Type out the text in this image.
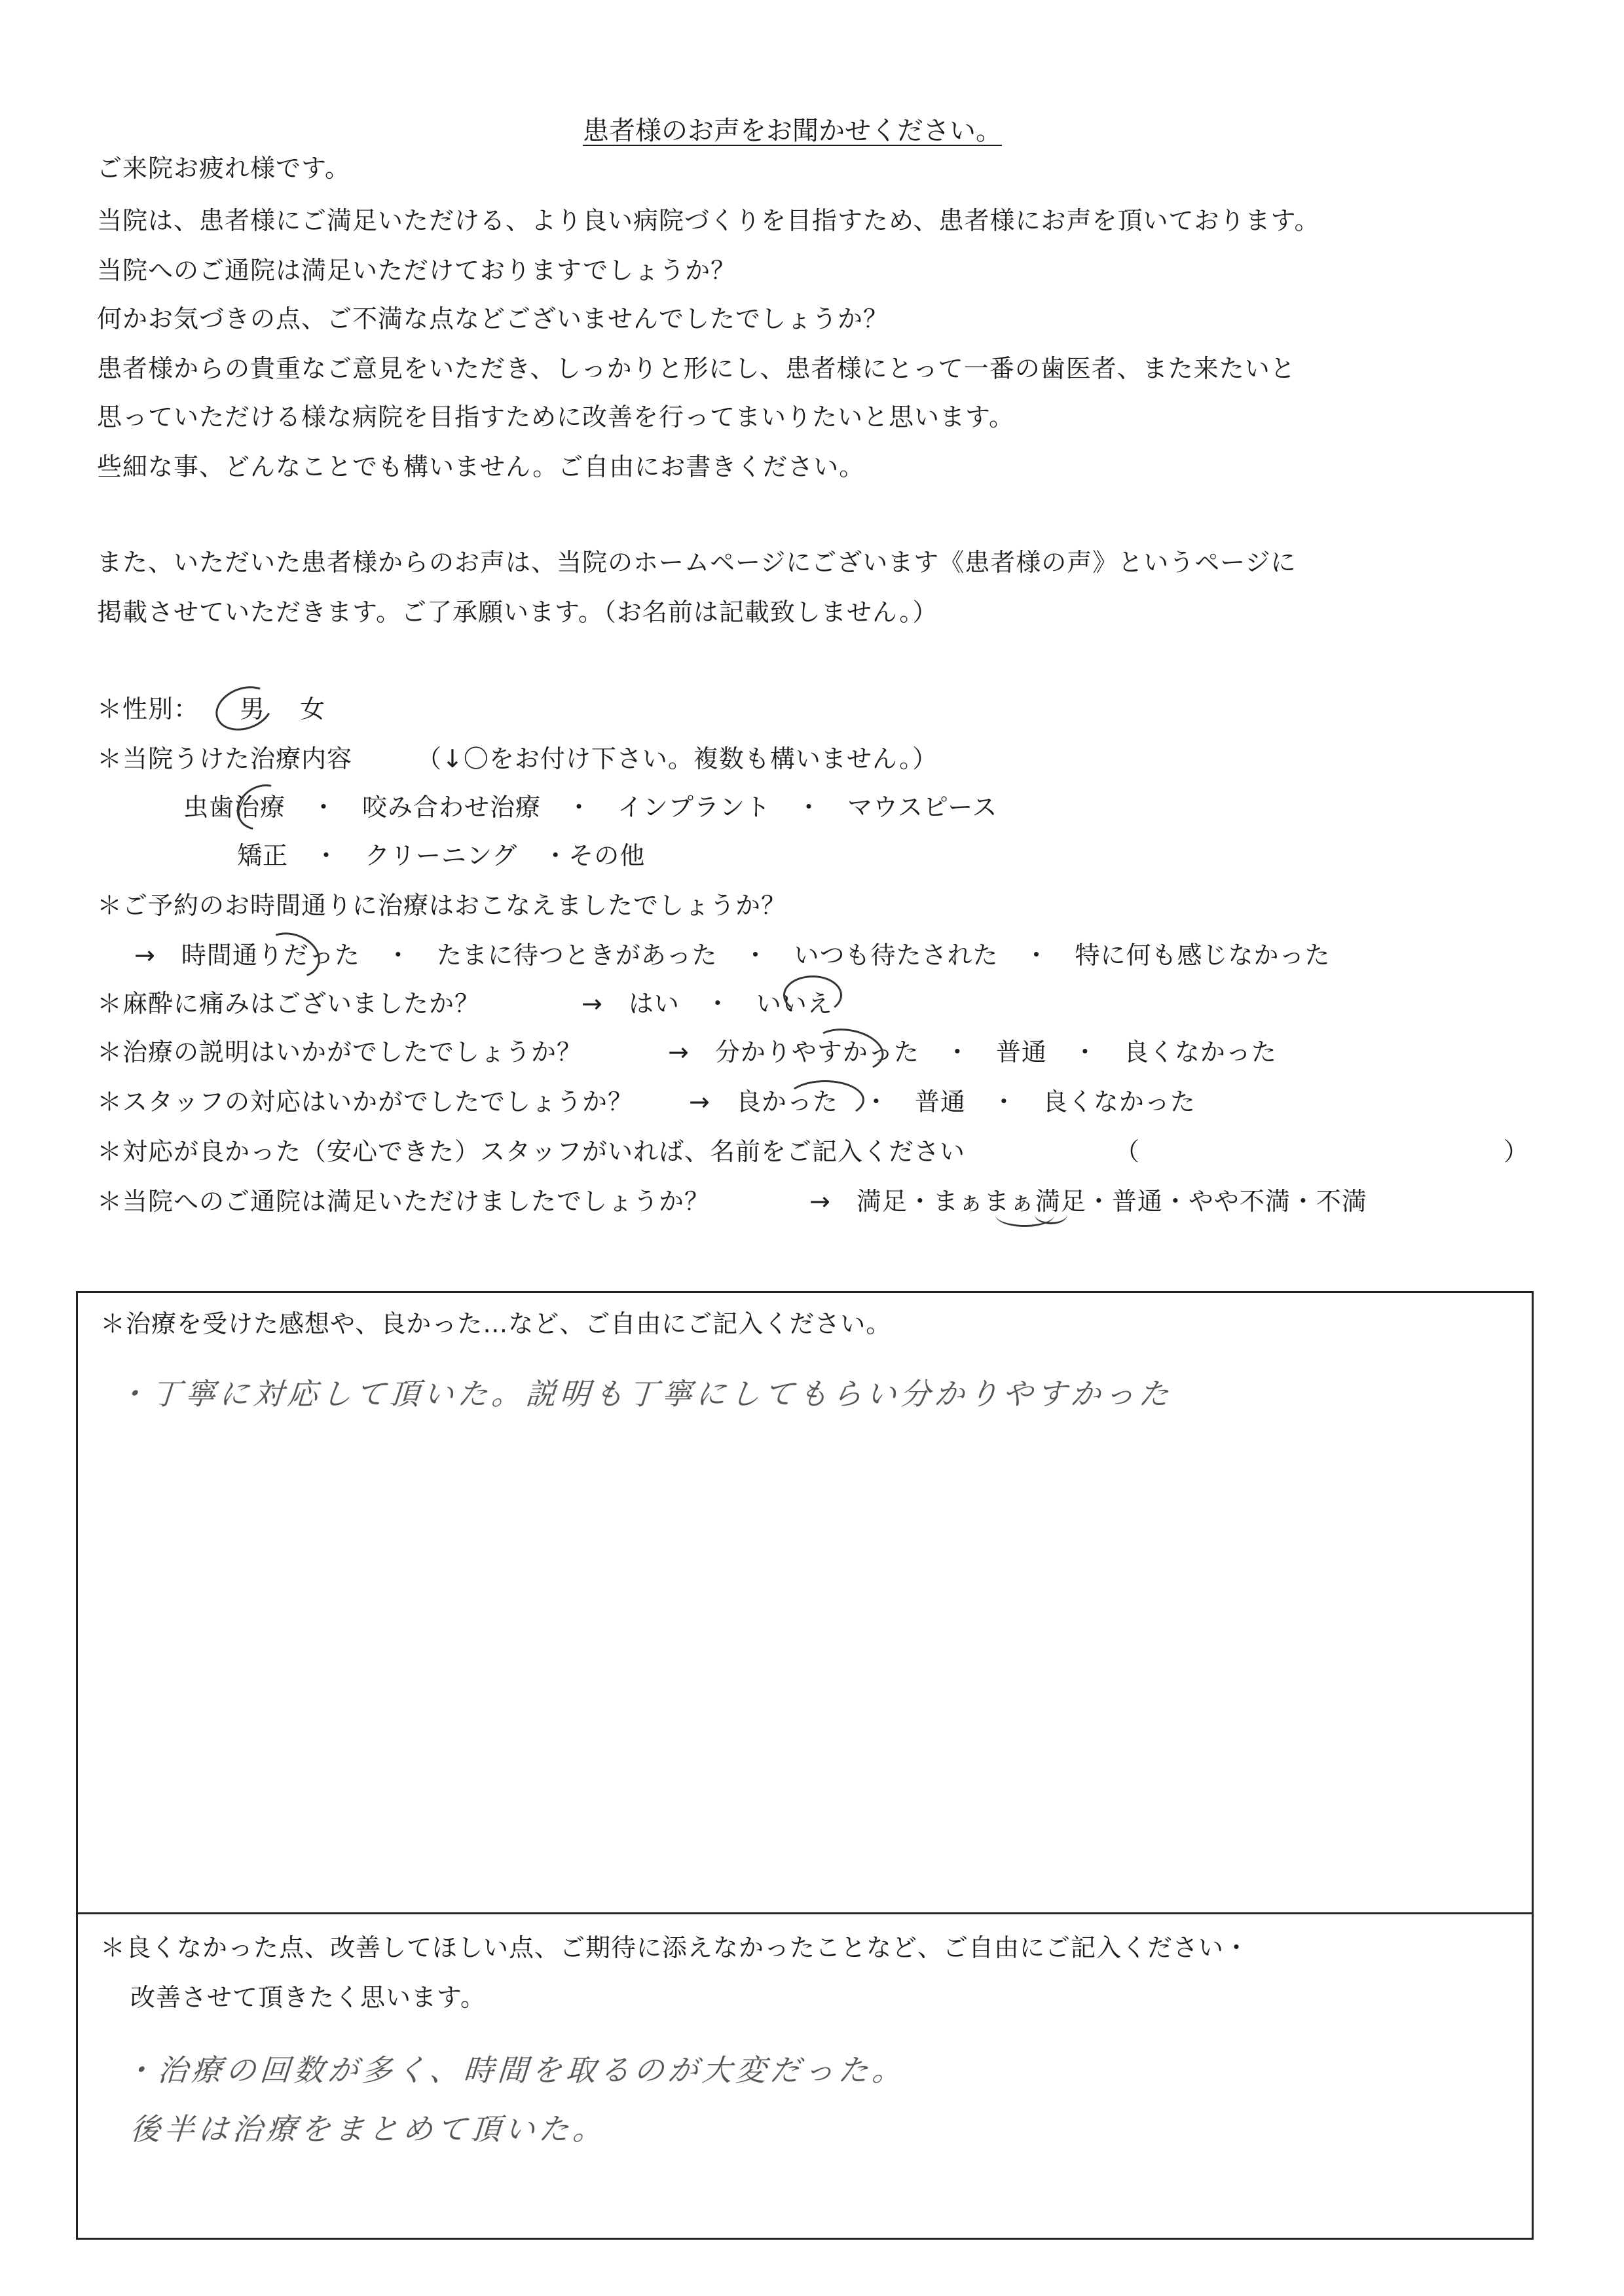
患者様のお声をお聞かせください。
ご来院お疲れ様です。
当院は、患者様にご満足いただける、より良い病院づくりを目指すため、患者様にお声を頂いております。
当院へのご通院は満足いただけておりますでしょうか？
何かお気づきの点、ご不満な点などございませんでしたでしょうか？
患者様からの貴重なご意見をいただき、しっかりと形にし、患者様にとって一番の歯医者、また来たいと
思っていただける様な病院を目指すために改善を行ってまいりたいと思います。
些細な事、どんなことでも構いません。ご自由にお書きください。
また、いただいた患者様からのお声は、当院のホームページにございます《患者様の声》というページに
掲載させていただきます。ご了承願います。（お名前は記載致しません。）
＊性別： 男 女
＊当院うけた治療内容	（↓〇をお付け下さい。複数も構いません。）
虫歯治療　・　咬み合わせ治療　・　インプラント　・　マウスピース
矯正　・　クリーニング　・その他
＊ご予約のお時間通りに治療はおこなえましたでしょうか？
→　時間通りだった　・　たまに待つときがあった　・　いつも待たされた　・　特に何も感じなかった
＊麻酔に痛みはございましたか？	→　はい　・　いいえ
＊治療の説明はいかがでしたでしょうか？	→　分かりやすかった　・　普通　・　良くなかった
＊スタッフの対応はいかがでしたでしょうか？ →　良かった　・　普通　・　良くなかった
＊対応が良かった（安心できた）スタッフがいれば、名前をご記入ください	（	）
＊当院へのご通院は満足いただけましたでしょうか？	→　満足・まぁまぁ満足・普通・やや不満・不満
＊治療を受けた感想や、良かった…など、ご自由にご記入ください。
・丁寧に対応して頂いた。説明も丁寧にしてもらい分かりやすかった
＊良くなかった点、改善してほしい点、ご期待に添えなかったことなど、ご自由にご記入ください・
改善させて頂きたく思います。
・治療の回数が多く、時間を取るのが大変だった。
後半は治療をまとめて頂いた。
